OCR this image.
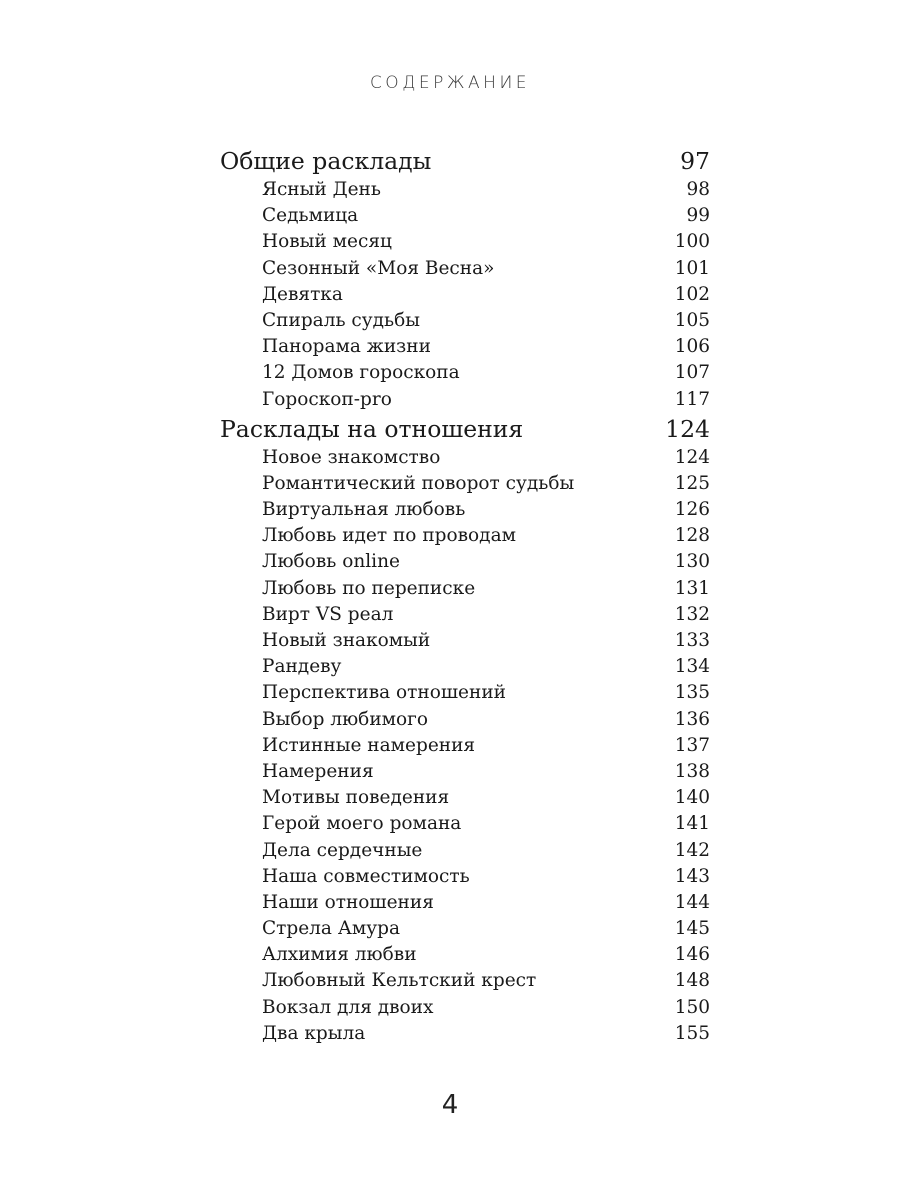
СОДЕРЖАНИЕ
Общие расклады	97
Ясный День	98
Седьмица	99
Новый месяц	100
Сезонный «Моя Весна»	101
Девятка	102
Спираль судьбы	105
Панорама жизни	106
12 Домов гороскопа	107
Гороскоп-pro	117
Расклады на отношения	124
Новое знакомство	124
Романтический поворот судьбы	125
Виртуальная любовь	126
Любовь идет по проводам	128
Любовь online	130
Любовь по переписке	131
Вирт VS реал	132
Новый знакомый	133
Рандеву	134
Перспектива отношений	135
Выбор любимого	136
Истинные намерения	137
Намерения	138
Мотивы поведения	140
Герой моего романа	141
Дела сердечные	142
Наша совместимость	143
Наши отношения	144
Стрела Амура	145
Алхимия любви	146
Любовный Кельтский крест	148
Вокзал для двоих	150
Два крыла	155
4
